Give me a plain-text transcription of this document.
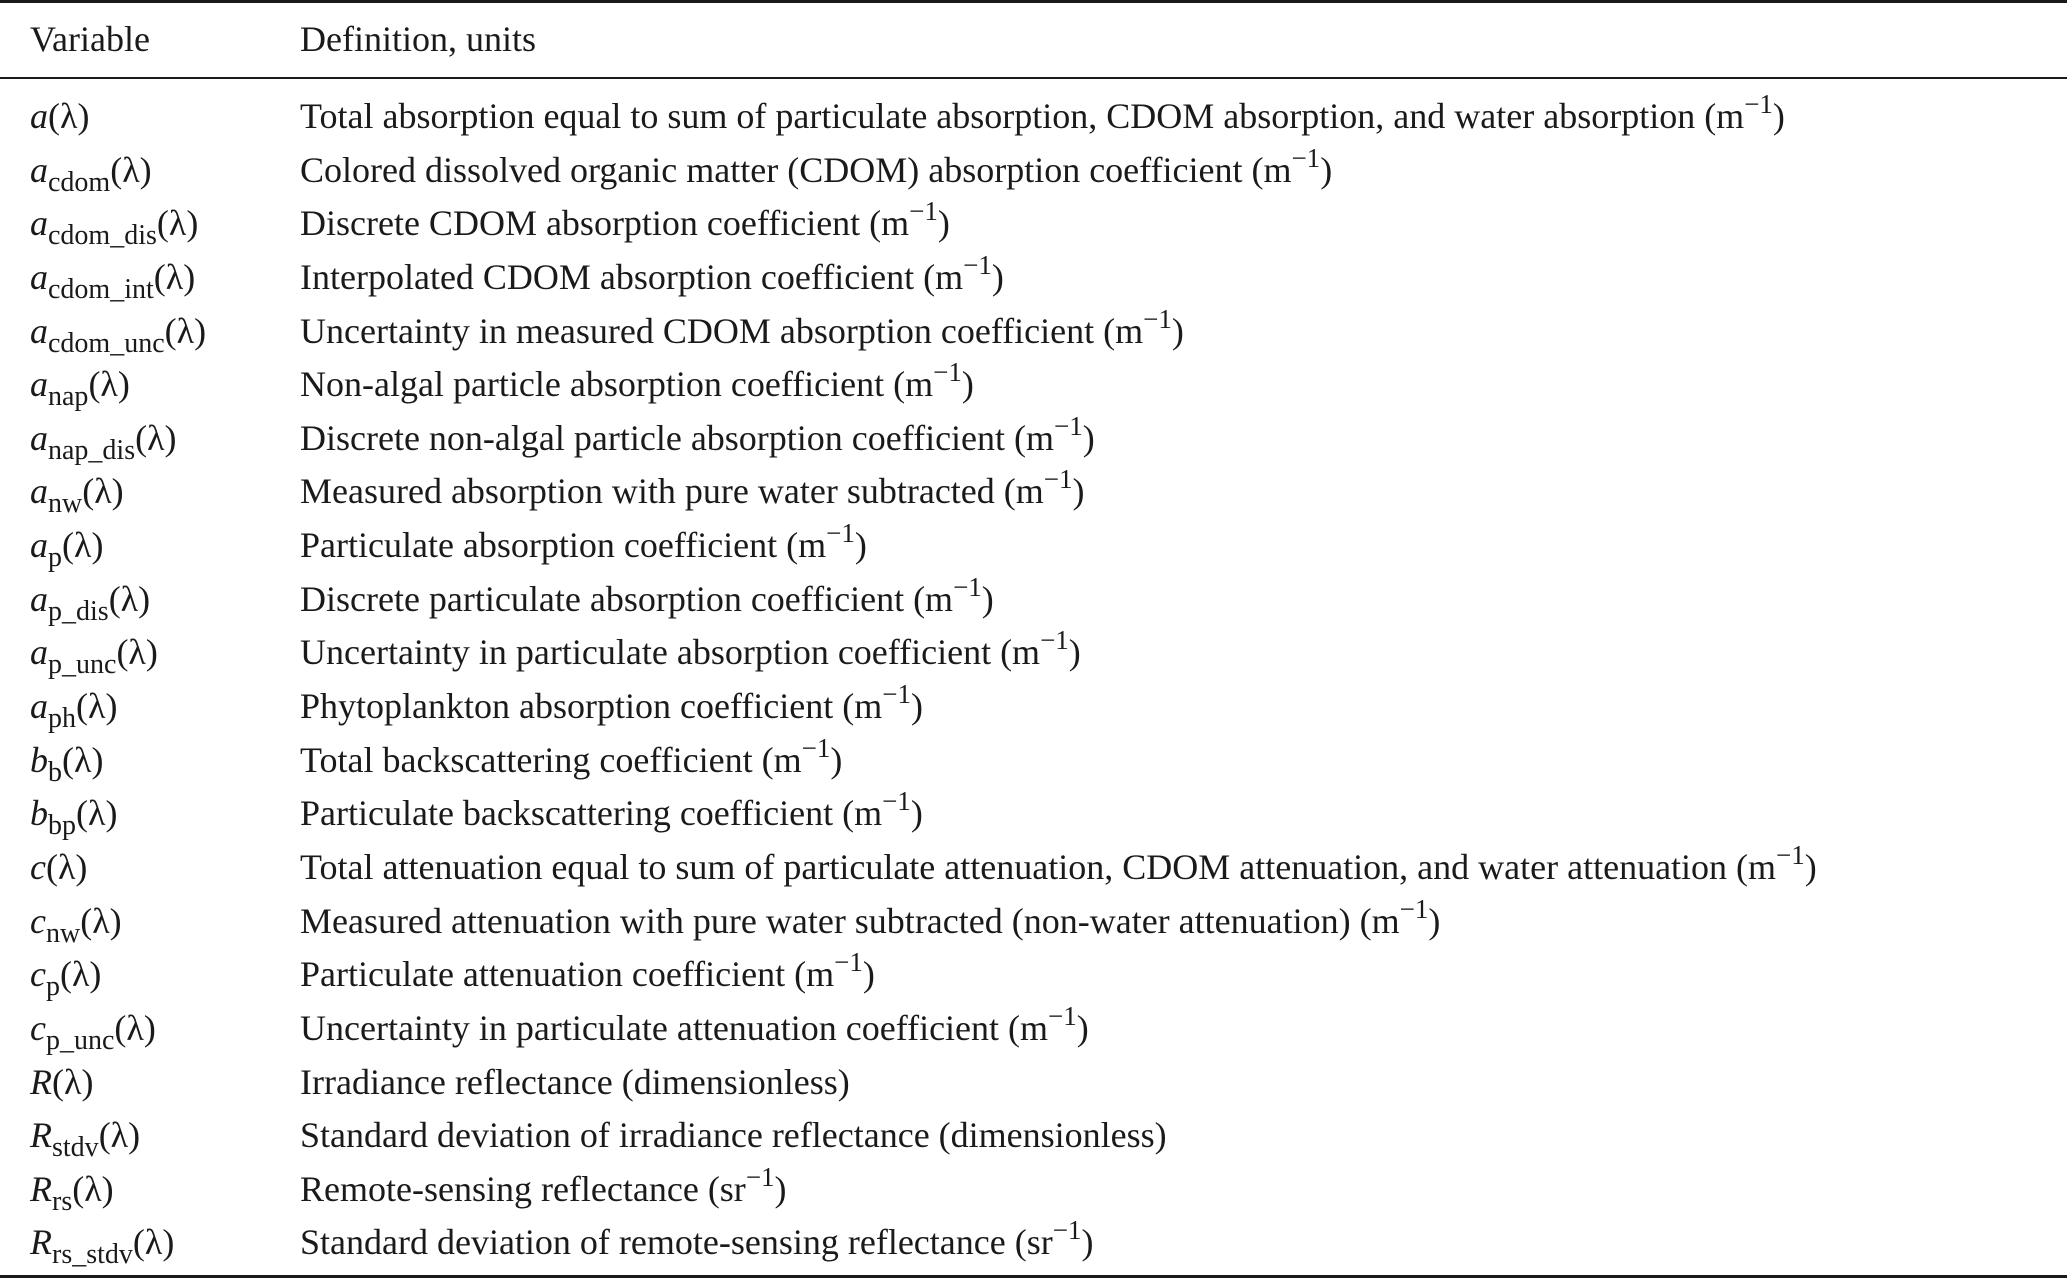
Variable	Definition, units
a(λ)	Total absorption equal to sum of particulate absorption, CDOM absorption, and water absorption $(m^{-1})$
$a_{cdom}(\lambda)$	Colored dissolved organic matter (CDOM) absorption coefficient $(m^{-1})$
$a_{cdom\_dis}(\lambda)$	Discrete CDOM absorption coefficient $(m^{-1})$
$a_{cdom\_int}(\lambda)$	Interpolated CDOM absorption coefficient $(m^{-1})$
$a_{cdom\_unc}(\lambda)$	Uncertainty in measured CDOM absorption coefficient $(m^{-1})$
$a_{nap}(\lambda)$	Non-algal particle absorption coefficient $(m^{-1})$
$a_{nap\_dis}(\lambda)$	Discrete non-algal particle absorption coefficient $(m^{-1})$
$a_{nw}(\lambda)$	Measured absorption with pure water subtracted $(m^{-1})$
$a_p(\lambda)$	Particulate absorption coefficient $(m^{-1})$
$a_{p\_dis}(\lambda)$	Discrete particulate absorption coefficient $(m^{-1})$
$a_{p\_unc}(\lambda)$	Uncertainty in particulate absorption coefficient $(m^{-1})$
$a_{ph}(\lambda)$	Phytoplankton absorption coefficient $(m^{-1})$
$b_b(\lambda)$	Total backscattering coefficient $(m^{-1})$
$b_{bp}(\lambda)$	Particulate backscattering coefficient $(m^{-1})$
c(λ)	Total attenuation equal to sum of particulate attenuation, CDOM attenuation, and water attenuation $(m^{-1})$
$c_{nw}(\lambda)$	Measured attenuation with pure water subtracted (non-water attenuation) $(m^{-1})$
$c_p(\lambda)$	Particulate attenuation coefficient $(m^{-1})$
$c_{p\_unc}(\lambda)$	Uncertainty in particulate attenuation coefficient $(m^{-1})$
R(λ)	Irradiance reflectance (dimensionless)
$R_{stdv}(\lambda)$	Standard deviation of irradiance reflectance (dimensionless)
$R_{rs}(\lambda)$	Remote-sensing reflectance $(sr^{-1})$
$R_{rs\_stdv}(\lambda)$	Standard deviation of remote-sensing reflectance $(sr^{-1})$
